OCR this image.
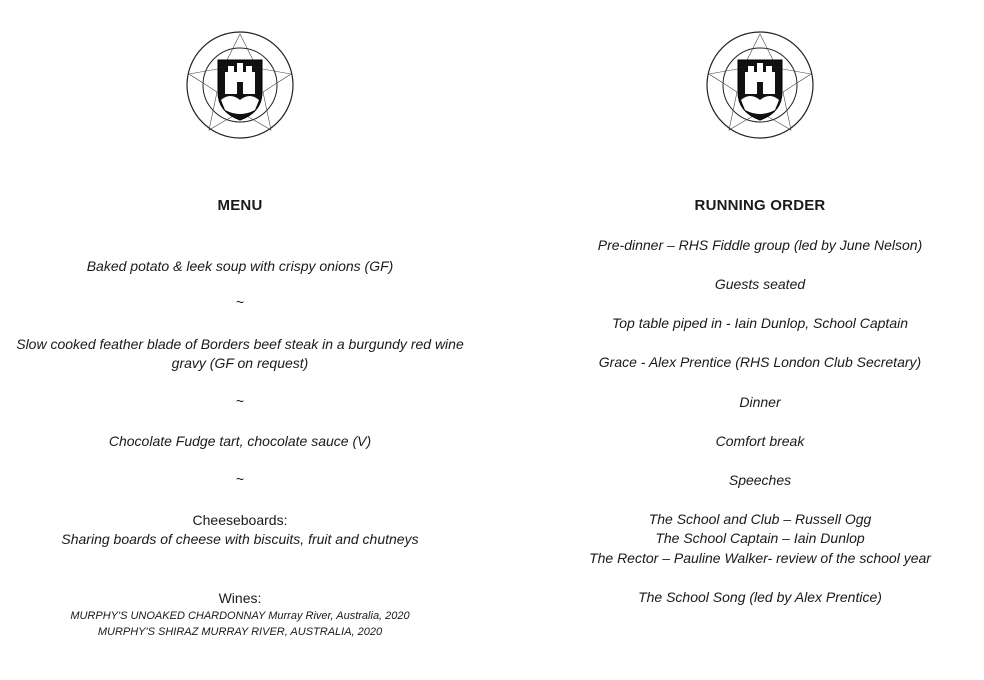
MENU
Baked potato & leek soup with crispy onions (GF)
~
Slow cooked feather blade of Borders beef steak in a burgundy red wine
gravy (GF on request)
~
Chocolate Fudge tart, chocolate sauce (V)
~
Cheeseboards:
Sharing boards of cheese with biscuits, fruit and chutneys
Wines:
MURPHY'S UNOAKED CHARDONNAY Murray River, Australia, 2020
MURPHY'S SHIRAZ MURRAY RIVER, AUSTRALIA, 2020
RUNNING ORDER
Pre-dinner – RHS Fiddle group (led by June Nelson)
Guests seated
Top table piped in - Iain Dunlop, School Captain
Grace - Alex Prentice (RHS London Club Secretary)
Dinner
Comfort break
Speeches
The School and Club – Russell Ogg
The School Captain – Iain Dunlop
The Rector – Pauline Walker- review of the school year
The School Song (led by Alex Prentice)
